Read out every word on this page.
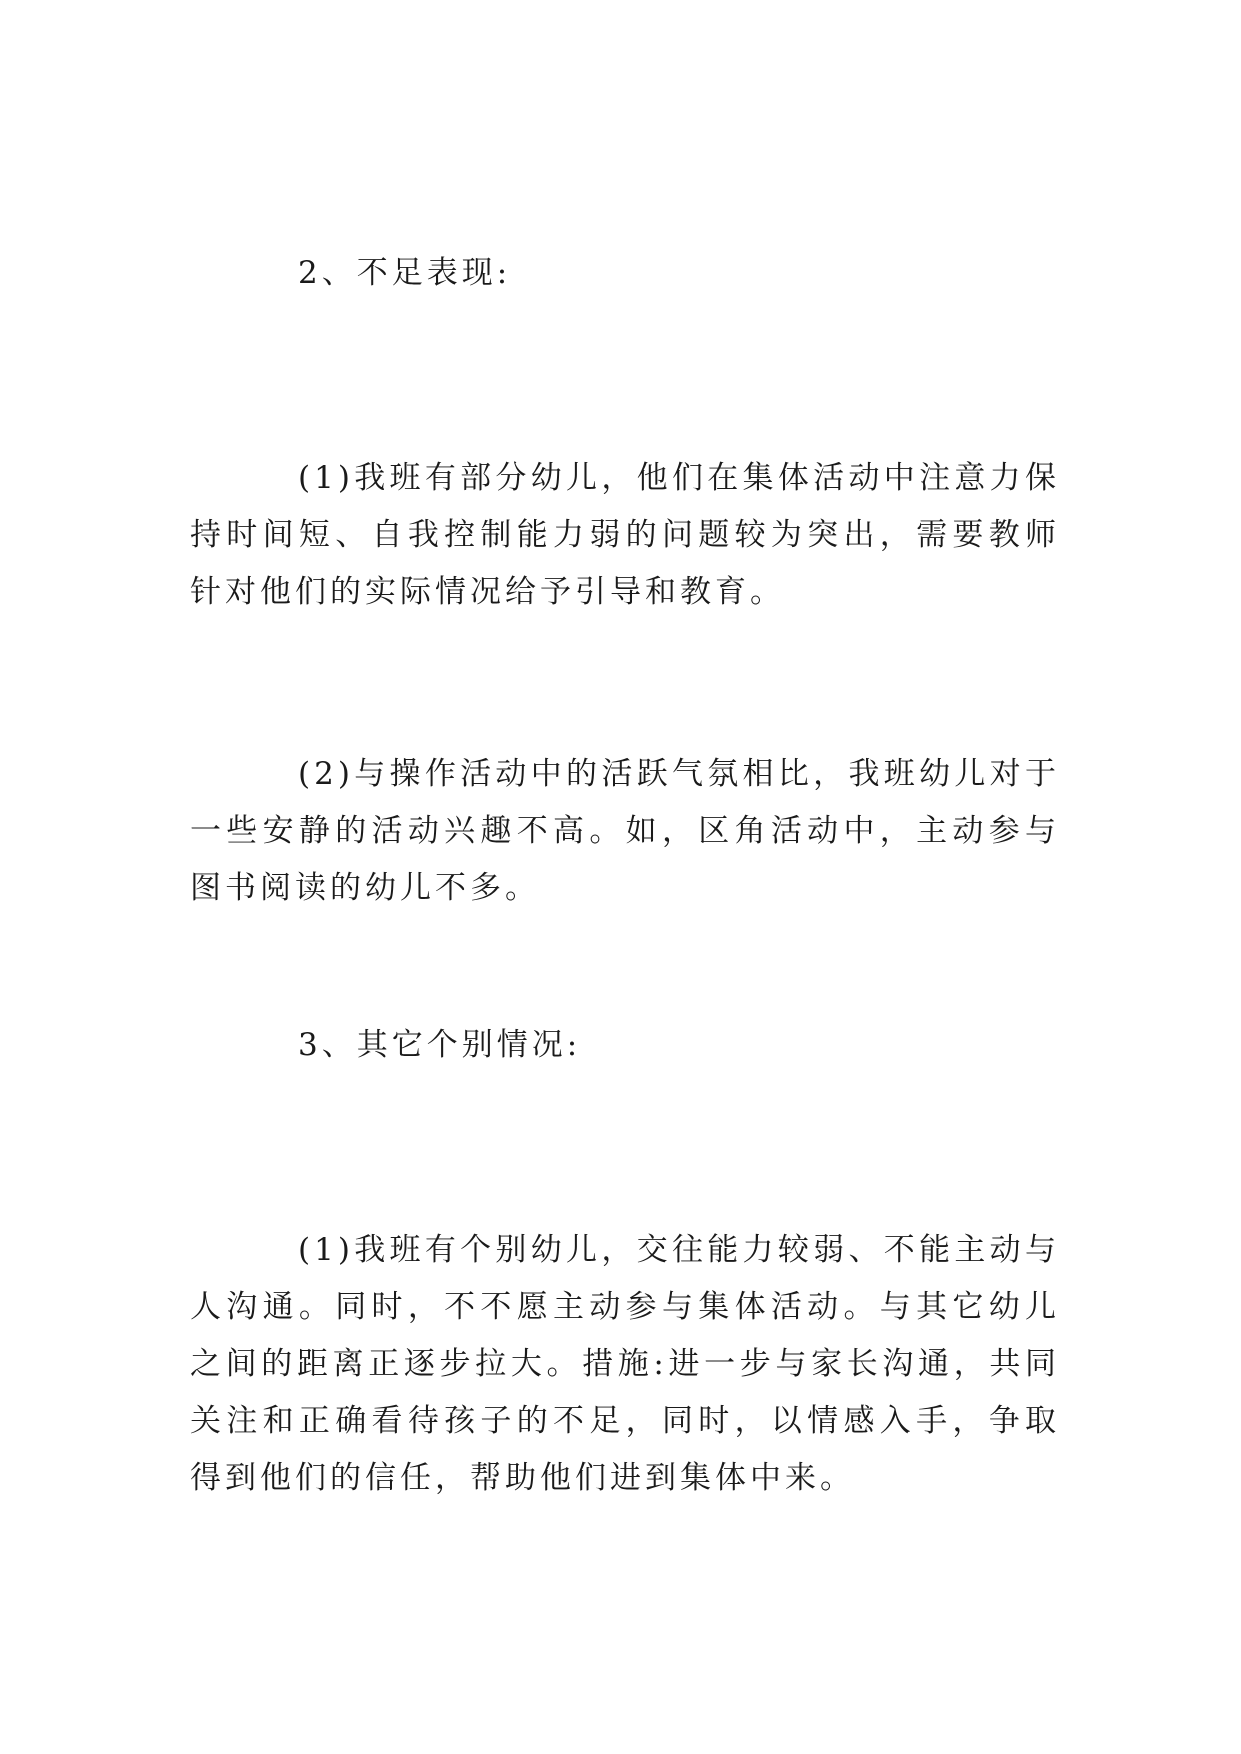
2、不足表现:

(1)我班有部分幼儿，他们在集体活动中注意力保持时间短、自我控制能力弱的问题较为突出，需要教师针对他们的实际情况给予引导和教育。

(2)与操作活动中的活跃气氛相比，我班幼儿对于一些安静的活动兴趣不高。如，区角活动中，主动参与图书阅读的幼儿不多。

3、其它个别情况:

(1)我班有个别幼儿，交往能力较弱、不能主动与人沟通。同时，不不愿主动参与集体活动。与其它幼儿之间的距离正逐步拉大。措施:进一步与家长沟通，共同关注和正确看待孩子的不足，同时，以情感入手，争取得到他们的信任，帮助他们进到集体中来。
